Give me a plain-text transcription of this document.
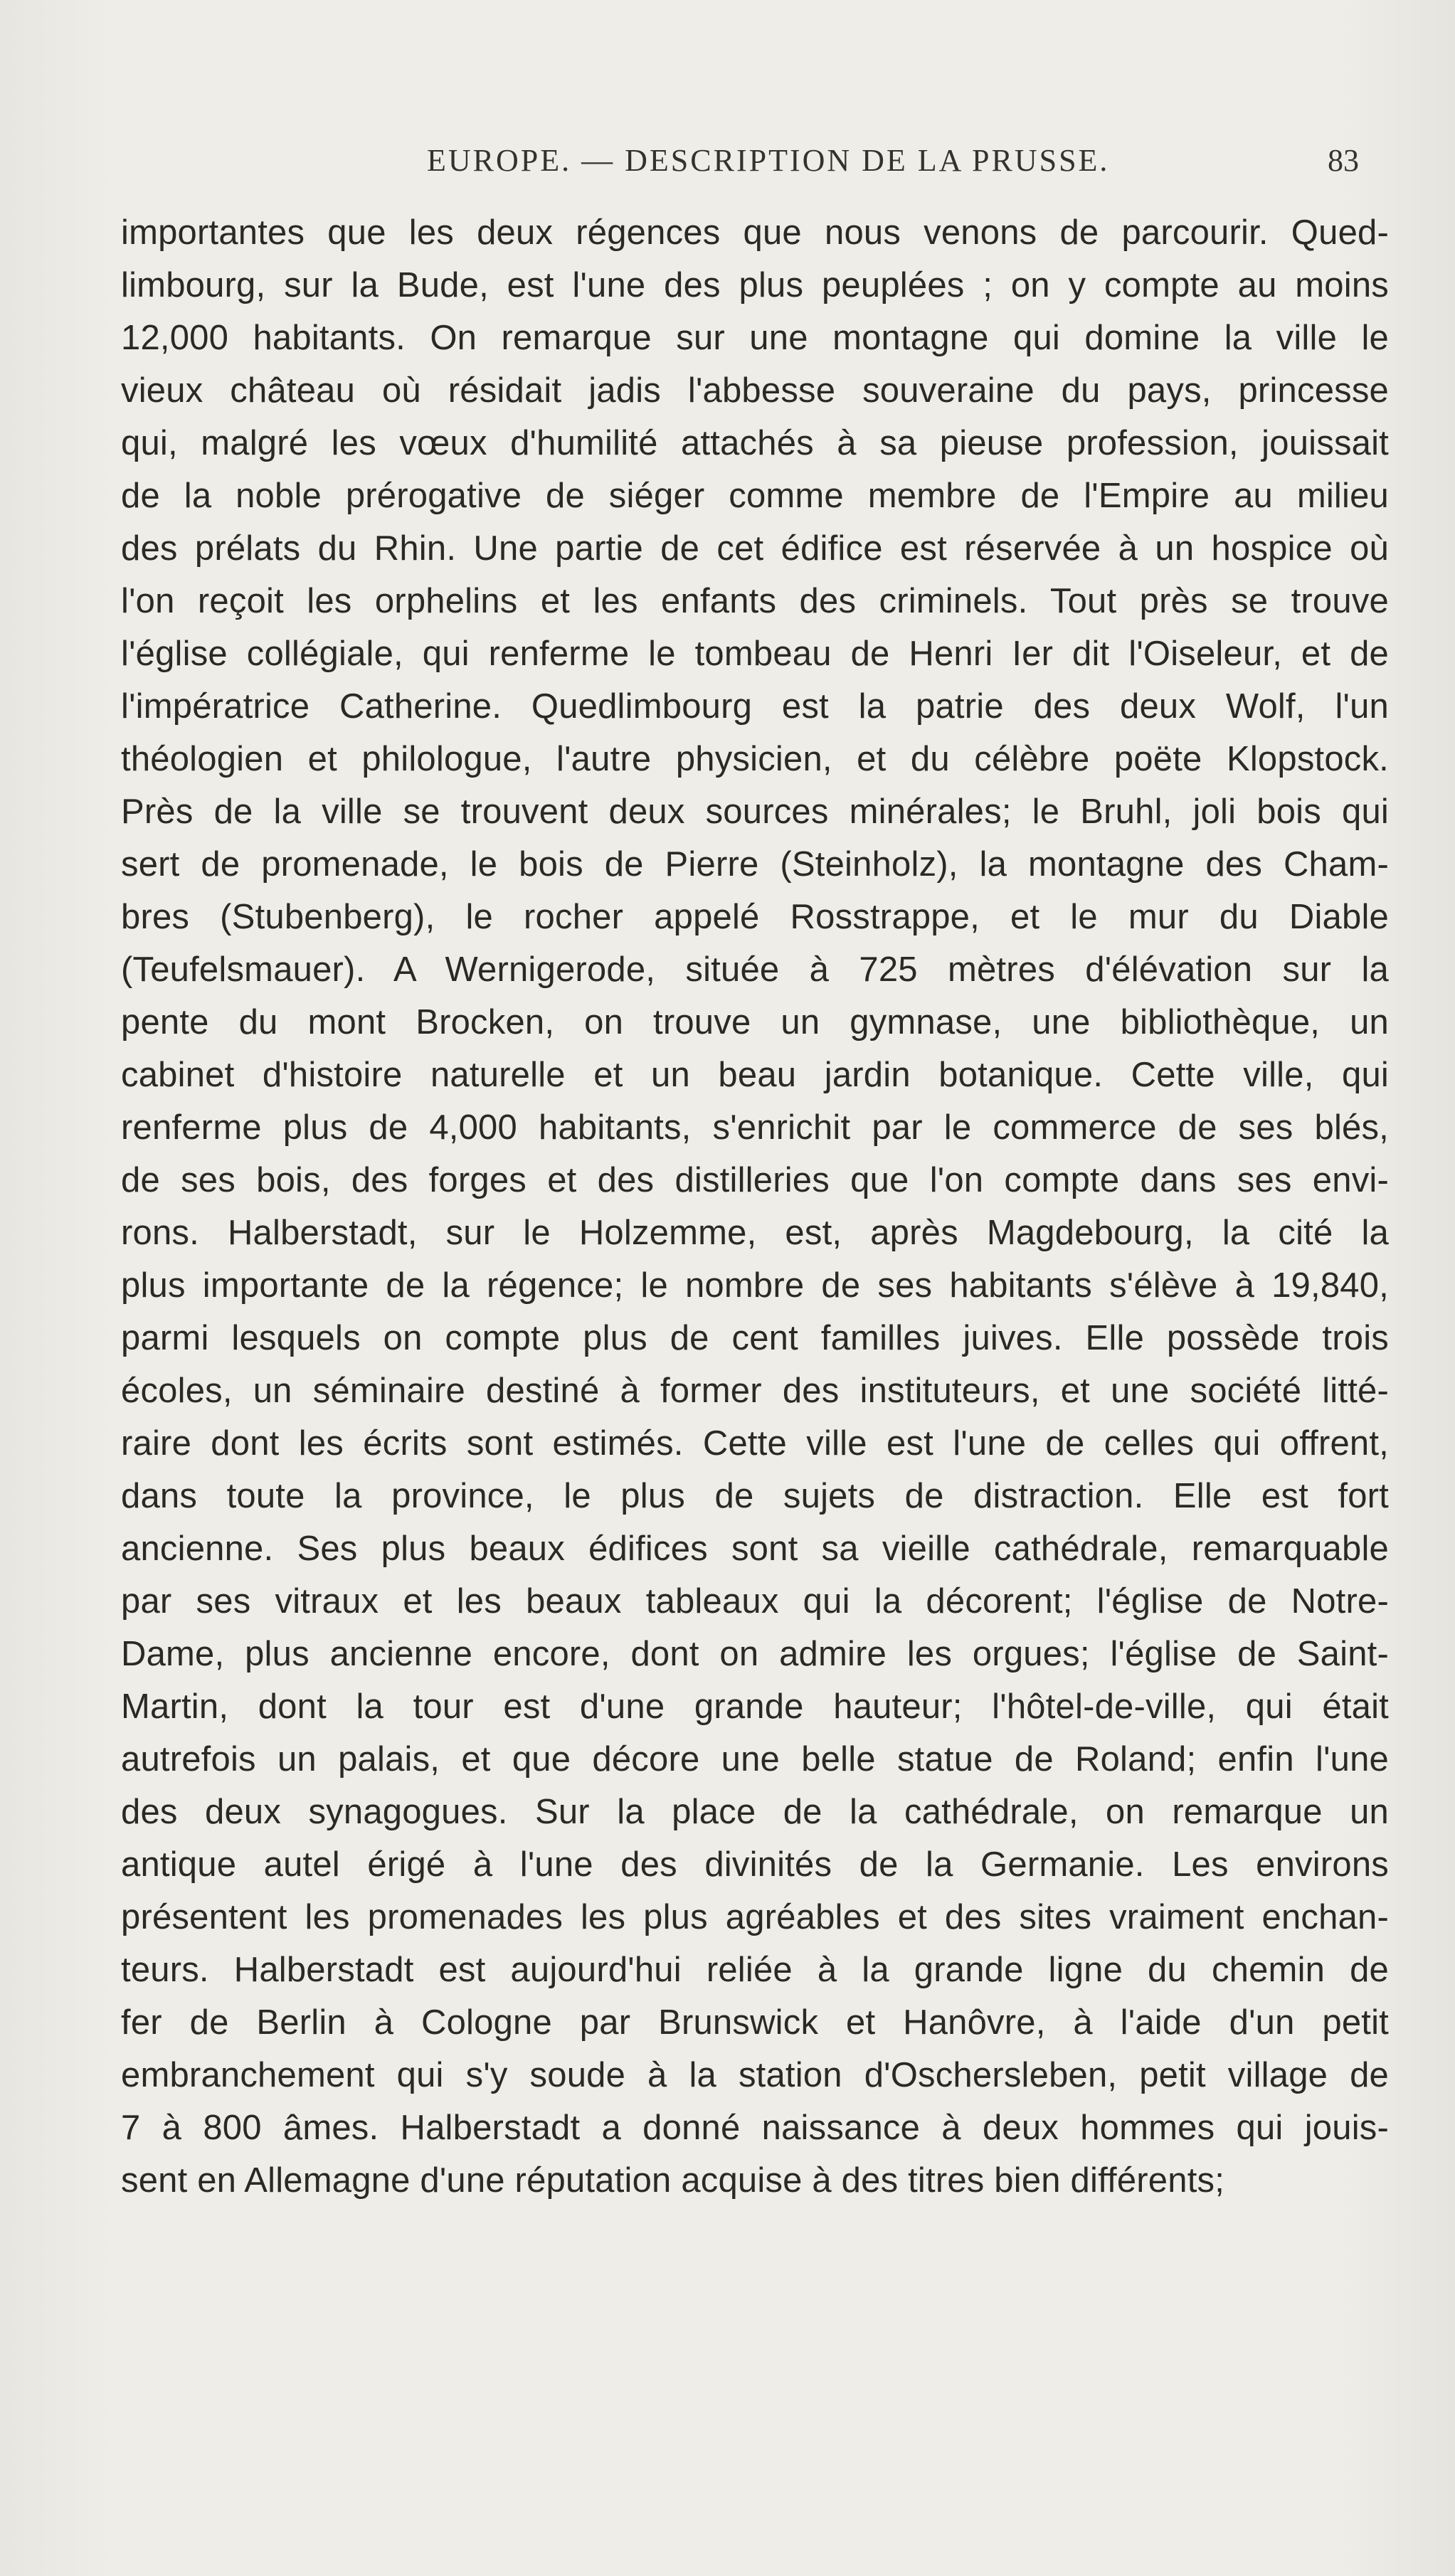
EUROPE. — DESCRIPTION DE LA PRUSSE.	83
importantes que les deux régences que nous venons de parcourir. Qued-
limbourg, sur la Bude, est l'une des plus peuplées ; on y compte au moins
12,000 habitants. On remarque sur une montagne qui domine la ville le
vieux château où résidait jadis l'abbesse souveraine du pays, princesse
qui, malgré les vœux d'humilité attachés à sa pieuse profession, jouissait
de la noble prérogative de siéger comme membre de l'Empire au milieu
des prélats du Rhin. Une partie de cet édifice est réservée à un hospice où
l'on reçoit les orphelins et les enfants des criminels. Tout près se trouve
l'église collégiale, qui renferme le tombeau de Henri Ier dit l'Oiseleur, et de
l'impératrice Catherine. Quedlimbourg est la patrie des deux Wolf, l'un
théologien et philologue, l'autre physicien, et du célèbre poëte Klopstock.
Près de la ville se trouvent deux sources minérales; le Bruhl, joli bois qui
sert de promenade, le bois de Pierre (Steinholz), la montagne des Cham-
bres (Stubenberg), le rocher appelé Rosstrappe, et le mur du Diable
(Teufelsmauer). A Wernigerode, située à 725 mètres d'élévation sur la
pente du mont Brocken, on trouve un gymnase, une bibliothèque, un
cabinet d'histoire naturelle et un beau jardin botanique. Cette ville, qui
renferme plus de 4,000 habitants, s'enrichit par le commerce de ses blés,
de ses bois, des forges et des distilleries que l'on compte dans ses envi-
rons. Halberstadt, sur le Holzemme, est, après Magdebourg, la cité la
plus importante de la régence; le nombre de ses habitants s'élève à 19,840,
parmi lesquels on compte plus de cent familles juives. Elle possède trois
écoles, un séminaire destiné à former des instituteurs, et une société litté-
raire dont les écrits sont estimés. Cette ville est l'une de celles qui offrent,
dans toute la province, le plus de sujets de distraction. Elle est fort
ancienne. Ses plus beaux édifices sont sa vieille cathédrale, remarquable
par ses vitraux et les beaux tableaux qui la décorent; l'église de Notre-
Dame, plus ancienne encore, dont on admire les orgues; l'église de Saint-
Martin, dont la tour est d'une grande hauteur; l'hôtel-de-ville, qui était
autrefois un palais, et que décore une belle statue de Roland; enfin l'une
des deux synagogues. Sur la place de la cathédrale, on remarque un
antique autel érigé à l'une des divinités de la Germanie. Les environs
présentent les promenades les plus agréables et des sites vraiment enchan-
teurs. Halberstadt est aujourd'hui reliée à la grande ligne du chemin de
fer de Berlin à Cologne par Brunswick et Hanôvre, à l'aide d'un petit
embranchement qui s'y soude à la station d'Oschersleben, petit village de
7 à 800 âmes. Halberstadt a donné naissance à deux hommes qui jouis-
sent en Allemagne d'une réputation acquise à des titres bien différents;
